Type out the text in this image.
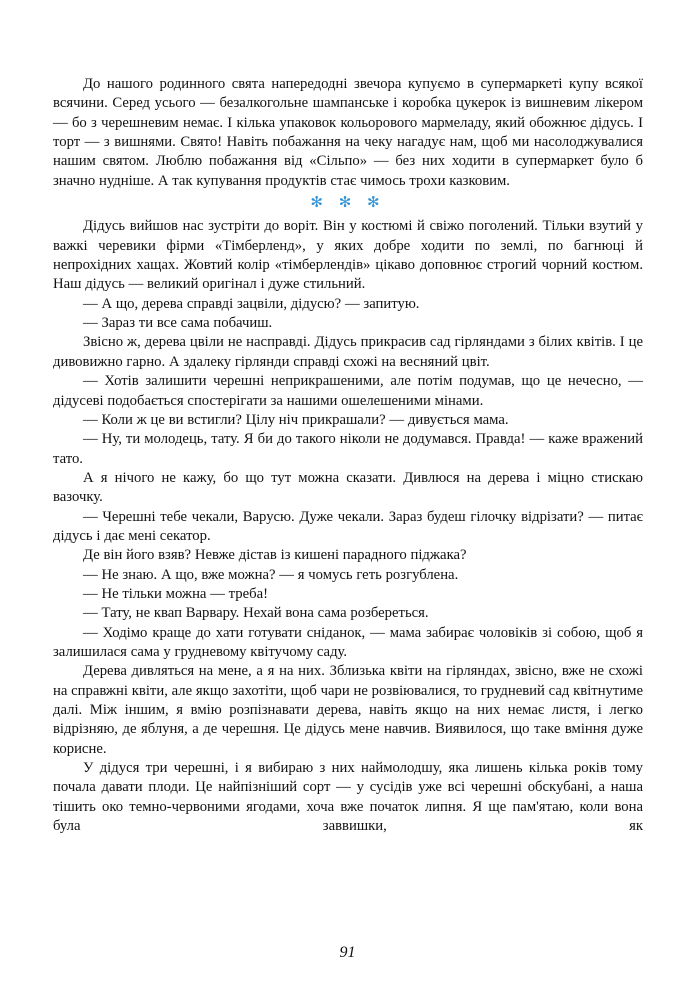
До нашого родинного свята напередодні звечора купуємо в супермаркеті купу всякої всячини. Серед усього — безалкогольне шампанське і коробка цукерок із вишневим лікером — бо з черешневим немає. І кілька упаковок кольорового мармеладу, який обожнює дідусь. І торт — з вишнями. Свято! Навіть побажання на чеку нагадує нам, щоб ми насолоджувалися нашим святом. Люблю побажання від «Сільпо» — без них ходити в супермаркет було б значно нудніше. А так купування продуктів стає чимось трохи казковим.

✻ ✻ ✻

Дідусь вийшов нас зустріти до воріт. Він у костюмі й свіжо поголений. Тільки взутий у важкі черевики фірми «Тімберленд», у яких добре ходити по землі, по багнюці й непрохідних хащах. Жовтий колір «тімберлендів» цікаво доповнює строгий чорний костюм. Наш дідусь — великий оригінал і дуже стильний.

— А що, дерева справді зацвіли, дідусю? — запитую.

— Зараз ти все сама побачиш.

Звісно ж, дерева цвіли не насправді. Дідусь прикрасив сад гірляндами з білих квітів. І це дивовижно гарно. А здалеку гірлянди справді схожі на весняний цвіт.

— Хотів залишити черешні неприкрашеними, але потім подумав, що це нечесно, — дідусеві подобається спостерігати за нашими ошелешеними мінами.

— Коли ж це ви встигли? Цілу ніч прикрашали? — дивується мама.

— Ну, ти молодець, тату. Я би до такого ніколи не додумався. Правда! — каже вражений тато.

А я нічого не кажу, бо що тут можна сказати. Дивлюся на дерева і міцно стискаю вазочку.

— Черешні тебе чекали, Варусю. Дуже чекали. Зараз будеш гілочку відрізати? — питає дідусь і дає мені секатор.

Де він його взяв? Невже дістав із кишені парадного піджака?

— Не знаю. А що, вже можна? — я чомусь геть розгублена.

— Не тільки можна — треба!

— Тату, не квап Варвару. Нехай вона сама розбереться.

— Ходімо краще до хати готувати сніданок, — мама забирає чоловіків зі собою, щоб я залишилася сама у грудневому квітучому саду.

Дерева дивляться на мене, а я на них. Зблизька квіти на гірляндах, звісно, вже не схожі на справжні квіти, але якщо захотіти, щоб чари не розвіювалися, то грудневий сад квітнутиме далі. Між іншим, я вмію розпізнавати дерева, навіть якщо на них немає листя, і легко відрізняю, де яблуня, а де черешня. Це дідусь мене навчив. Виявилося, що таке вміння дуже корисне.

У дідуся три черешні, і я вибираю з них наймолодшу, яка лишень кілька років тому почала давати плоди. Це найпізніший сорт — у сусідів уже всі черешні обскубані, а наша тішить око темно-червоними ягодами, хоча вже початок липня. Я ще пам'ятаю, коли вона була заввишки, як

91
